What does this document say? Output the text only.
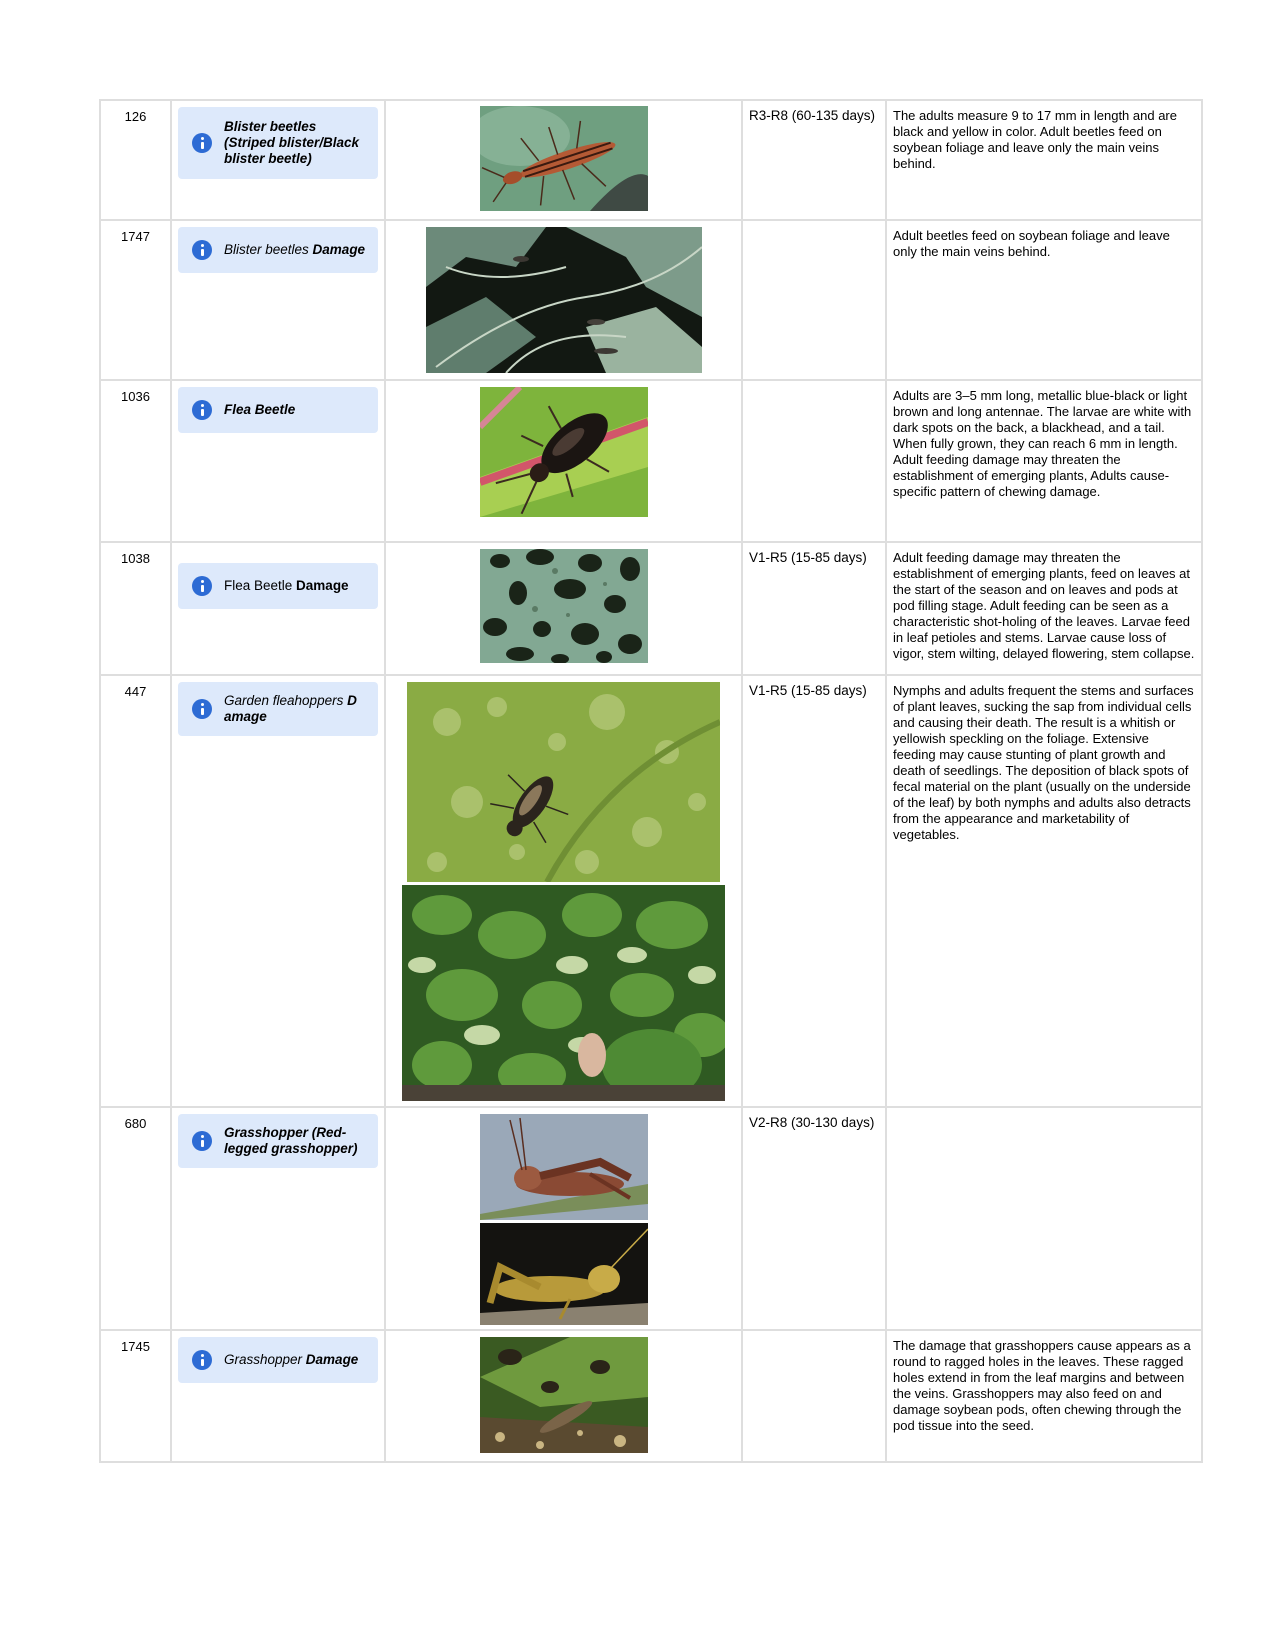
126	Blister beetles (Striped blister/Black blister beetle)		R3-R8 (60-135 days)	The adults measure 9 to 17 mm in length and are black and yellow in color. Adult beetles feed on soybean foliage and leave only the main veins behind.
1747	Blister beetles Damage			Adult beetles feed on soybean foliage and leave only the main veins behind.
1036	Flea Beetle			Adults are 3–5 mm long, metallic blue-black or light brown and long antennae. The larvae are white with dark spots on the back, a blackhead, and a tail. When fully grown, they can reach 6 mm in length. Adult feeding damage may threaten the establishment of emerging plants, Adults cause-specific pattern of chewing damage.
1038	Flea Beetle Damage		V1-R5 (15-85 days)	Adult feeding damage may threaten the establishment of emerging plants, feed on leaves at the start of the season and on leaves and pods at pod filling stage. Adult feeding can be seen as a characteristic shot-holing of the leaves. Larvae feed in leaf petioles and stems. Larvae cause loss of vigor, stem wilting, delayed flowering, stem collapse.
447	Garden fleahoppers Damage		V1-R5 (15-85 days)	Nymphs and adults frequent the stems and surfaces of plant leaves, sucking the sap from individual cells and causing their death. The result is a whitish or yellowish speckling on the foliage. Extensive feeding may cause stunting of plant growth and death of seedlings. The deposition of black spots of fecal material on the plant (usually on the underside of the leaf) by both nymphs and adults also detracts from the appearance and marketability of vegetables.
680	Grasshopper (Red-legged grasshopper)		V2-R8 (30-130 days)	
1745	Grasshopper Damage			The damage that grasshoppers cause appears as a round to ragged holes in the leaves. These ragged holes extend in from the leaf margins and between the veins. Grasshoppers may also feed on and damage soybean pods, often chewing through the pod tissue into the seed.
